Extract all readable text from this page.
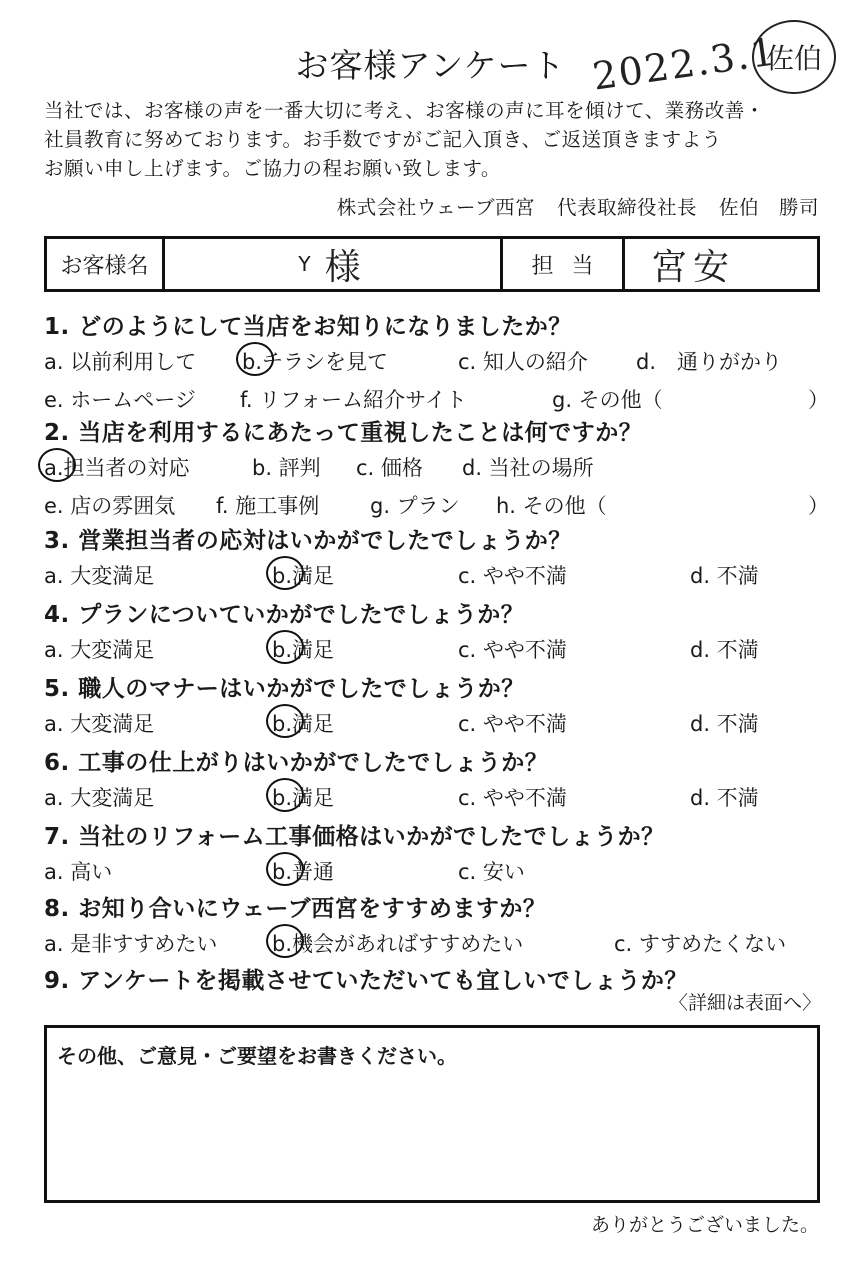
お客様アンケート 2022.3.1
佐伯
当社では、お客様の声を一番大切に考え、お客様の声に耳を傾けて、業務改善・
社員教育に努めております。お手数ですがご記入頂き、ご返送頂きますよう
お願い申し上げます。ご協力の程お願い致します。
株式会社ウェーブ西宮 代表取締役社長 佐伯　勝司
お客様名	Y 様	担当	宮安
1. どのようにして当店をお知りになりましたか？
a. 以前利用して b.チラシを見て	c. 知人の紹介 d.　通りがかり
e. ホームページ f. リフォーム紹介サイト	g. その他（	）
2. 当店を利用するにあたって重視したことは何ですか？
a.担当者の対応	b. 評判 c. 価格 d. 当社の場所
e. 店の雰囲気 f. 施工事例 g. プラン h. その他（	）
3. 営業担当者の応対はいかがでしたでしょうか？
a. 大変満足	b.満足	c. やや不満	d. 不満
4. プランについていかがでしたでしょうか？
a. 大変満足	b.満足	c. やや不満	d. 不満
5. 職人のマナーはいかがでしたでしょうか？
a. 大変満足	b.満足	c. やや不満	d. 不満
6. 工事の仕上がりはいかがでしたでしょうか？
a. 大変満足	b.満足	c. やや不満	d. 不満
7. 当社のリフォーム工事価格はいかがでしたでしょうか？
a. 高い	b.普通	c. 安い
8. お知り合いにウェーブ西宮をすすめますか？
a. 是非すすめたい	b.機会があればすすめたい	c. すすめたくない
9. アンケートを掲載させていただいても宜しいでしょうか？
〈詳細は表面へ〉
その他、ご意見・ご要望をお書きください。
ありがとうございました。
